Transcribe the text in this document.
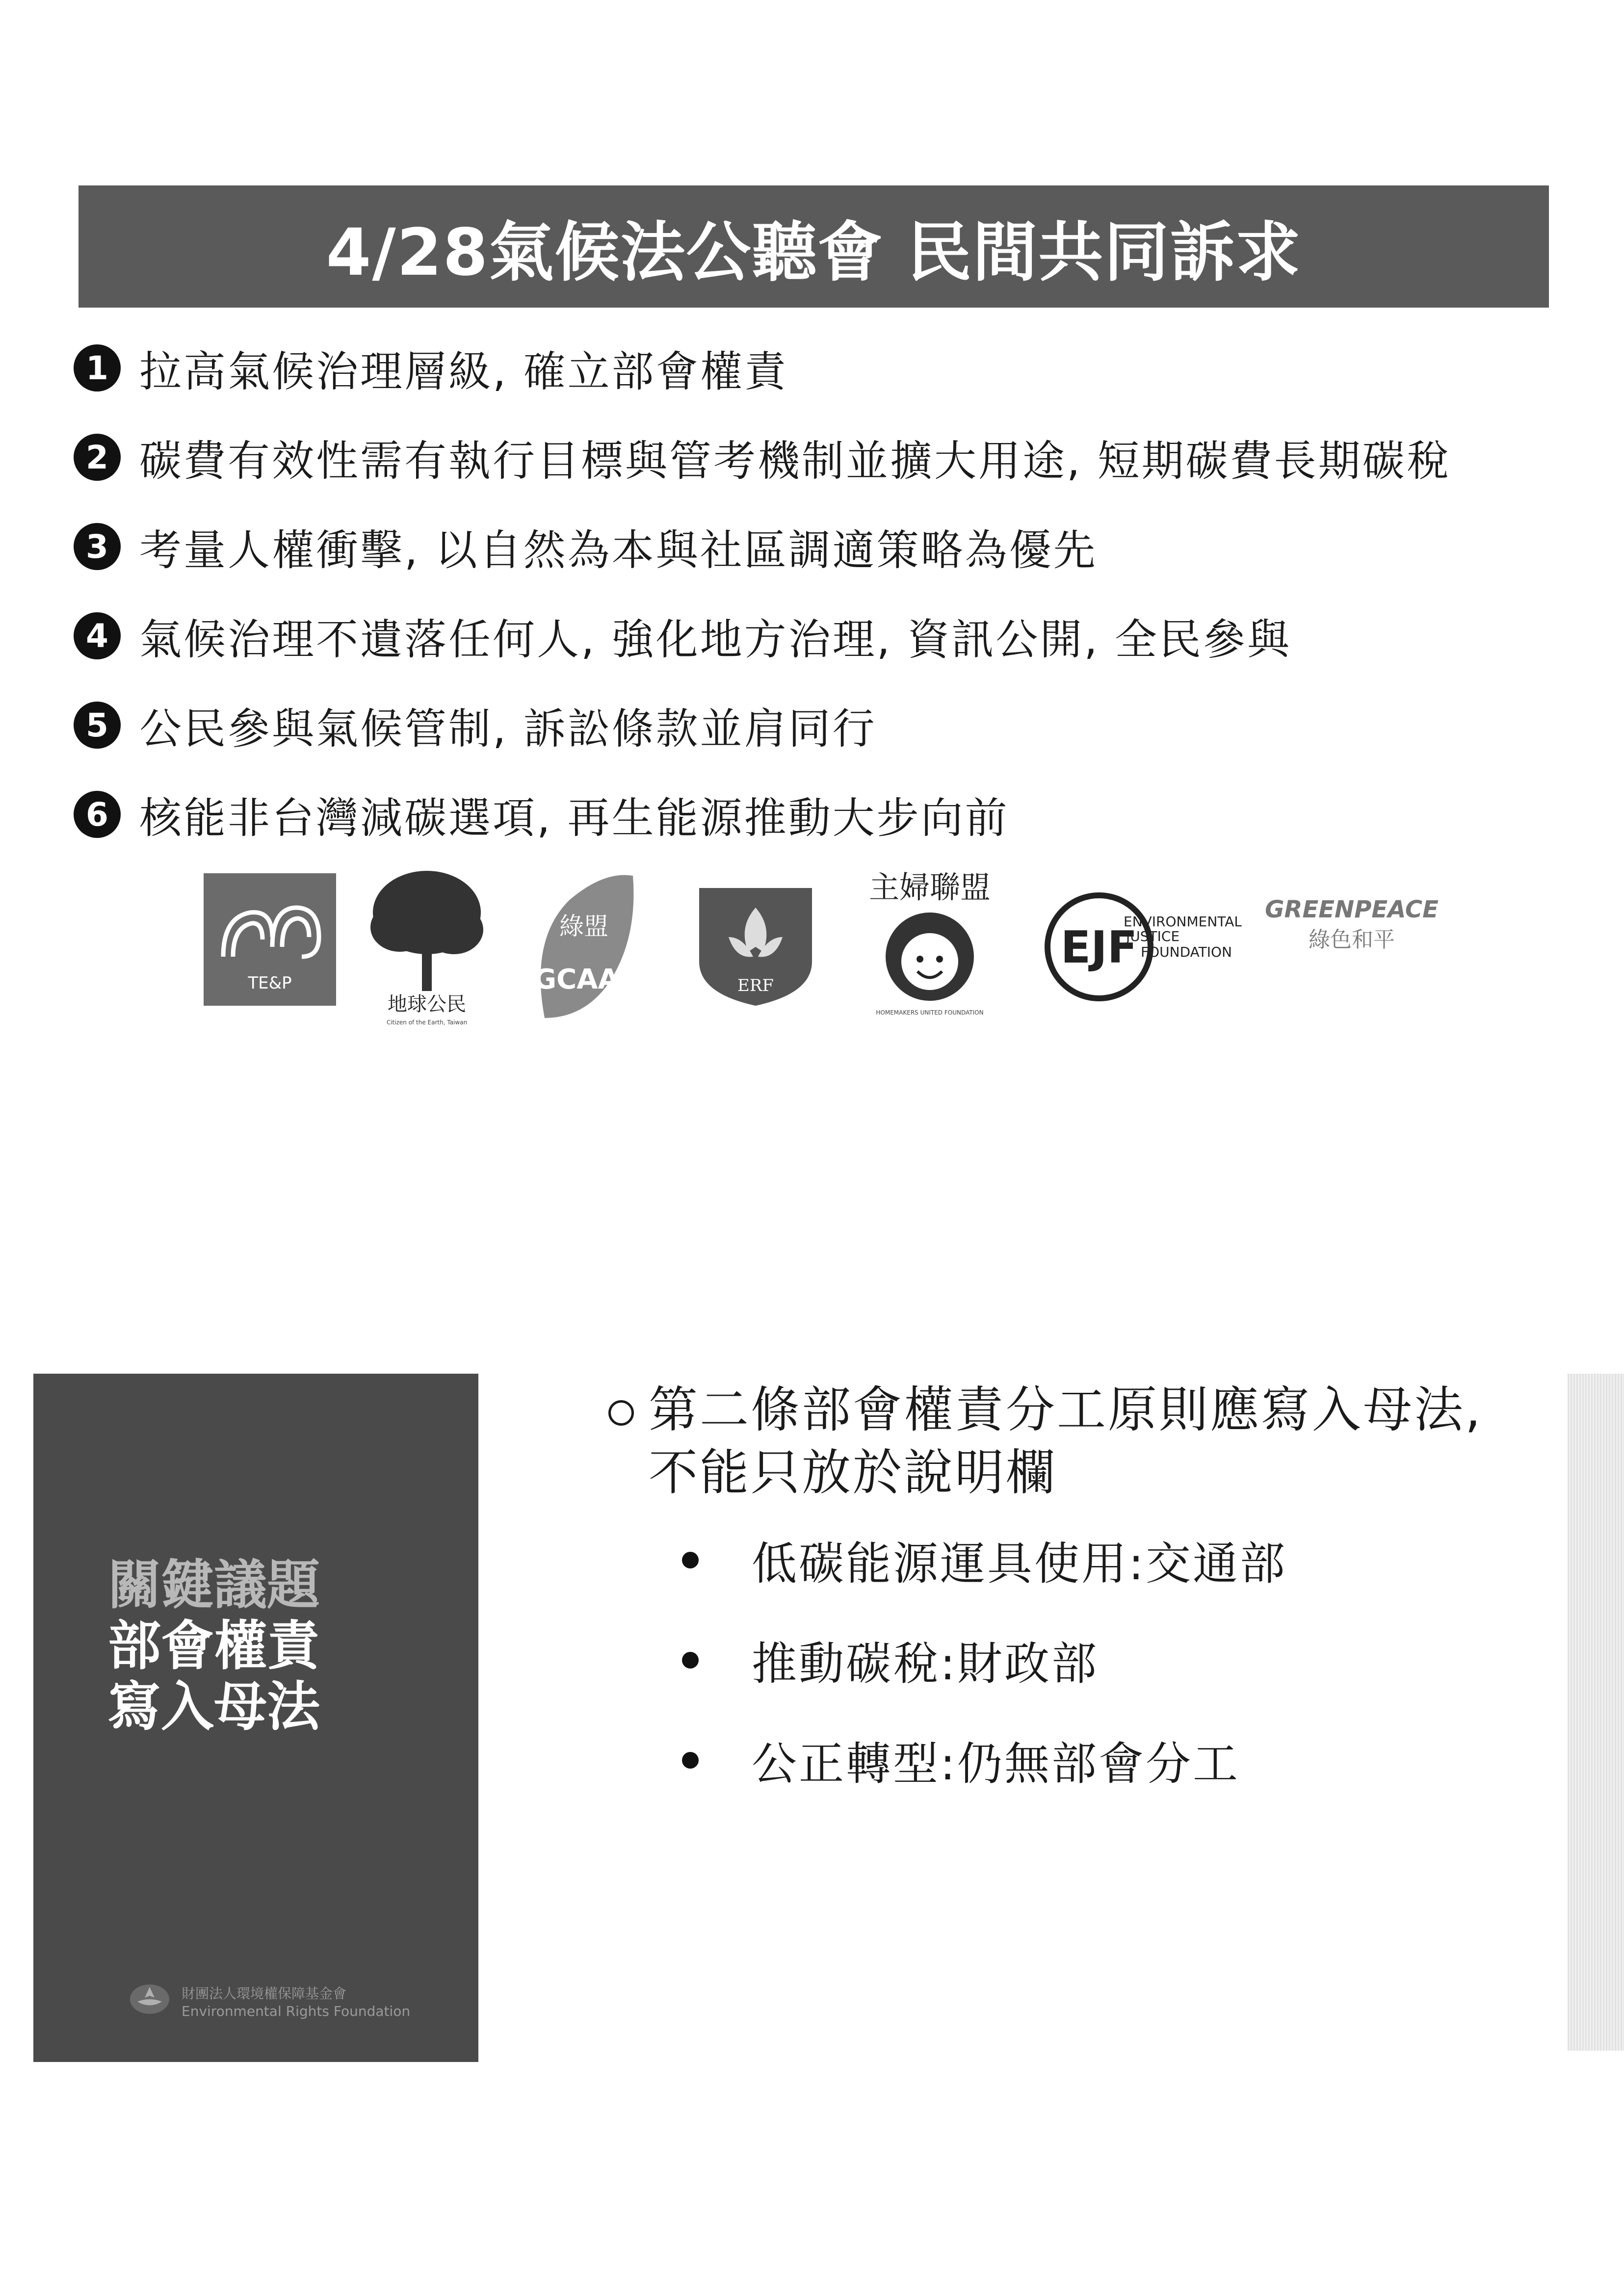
4/28氣候法公聽會 民間共同訴求
1 拉高氣候治理層級, 確立部會權責
2 碳費有效性需有執行目標與管考機制並擴大用途, 短期碳費長期碳稅
3 考量人權衝擊, 以自然為本與社區調適策略為優先
4 氣候治理不遺落任何人, 強化地方治理, 資訊公開, 全民參與
5 公民參與氣候管制, 訴訟條款並肩同行
6 核能非台灣減碳選項, 再生能源推動大步向前
TE&P
地球公民
Citizen of the Earth, Taiwan
綠盟
GCAA	ERF
主婦聯盟
HOMEMAKERS UNITED FOUNDATION
EJF
ENVIRONMENTAL
JUSTICE
FOUNDATION
GREENPEACE
綠色和平
關鍵議題
部會權責
寫入母法
財團法人環境權保障基金會
Environmental Rights Foundation
第二條部會權責分工原則應寫入母法, 不能只放於說明欄
低碳能源運具使用:交通部
推動碳稅:財政部
公正轉型:仍無部會分工
